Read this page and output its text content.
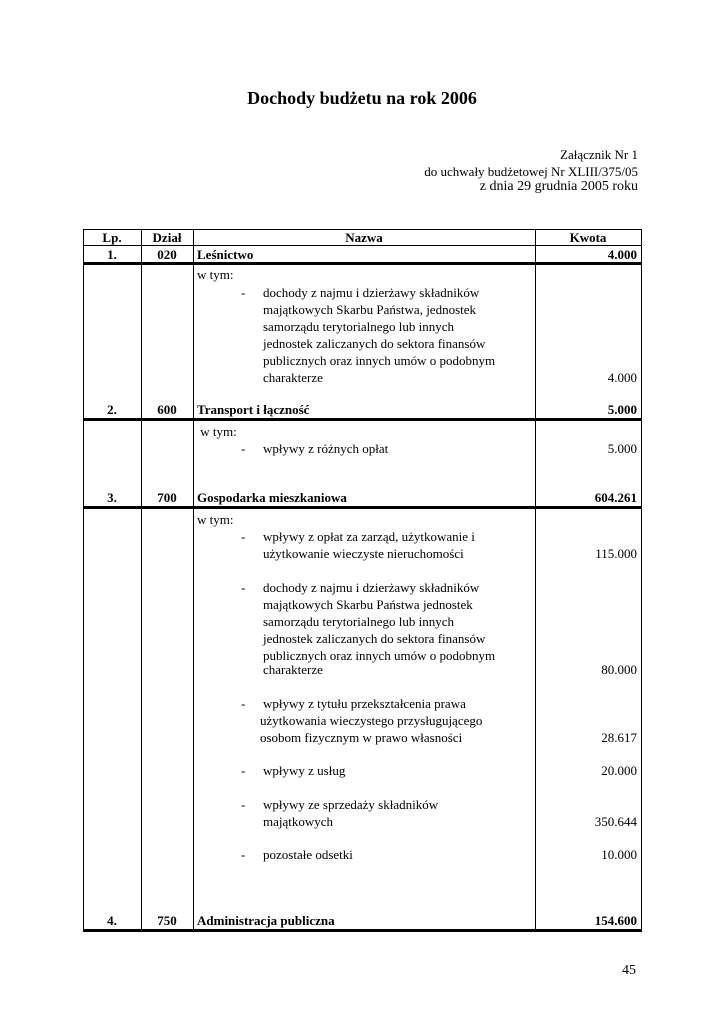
Dochody budżetu na rok 2006
Załącznik Nr 1
do uchwały budżetowej Nr XLIII/375/05
z dnia 29 grudnia 2005 roku
Lp.	Dział	Nazwa	Kwota
1.	020	Leśnictwo	4.000
w tym:
- dochody z najmu i dzierżawy składników
majątkowych Skarbu Państwa, jednostek
samorządu terytorialnego lub innych
jednostek zaliczanych do sektora finansów
publicznych oraz innych umów o podobnym
charakterze	4.000
2.	600	Transport i łączność	5.000
w tym:
- wpływy z różnych opłat	5.000
3.	700	Gospodarka mieszkaniowa	604.261
w tym:
- wpływy z opłat za zarząd, użytkowanie i
użytkowanie wieczyste nieruchomości	115.000
- dochody z najmu i dzierżawy składników
majątkowych Skarbu Państwa jednostek
samorządu terytorialnego lub innych
jednostek zaliczanych do sektora finansów
publicznych oraz innych umów o podobnym
charakterze	80.000
- wpływy z tytułu przekształcenia prawa
użytkowania wieczystego przysługującego
osobom fizycznym w prawo własności	28.617
- wpływy z usług	20.000
- wpływy ze sprzedaży składników
majątkowych	350.644
- pozostałe odsetki	10.000
4.	750	Administracja publiczna	154.600
45
